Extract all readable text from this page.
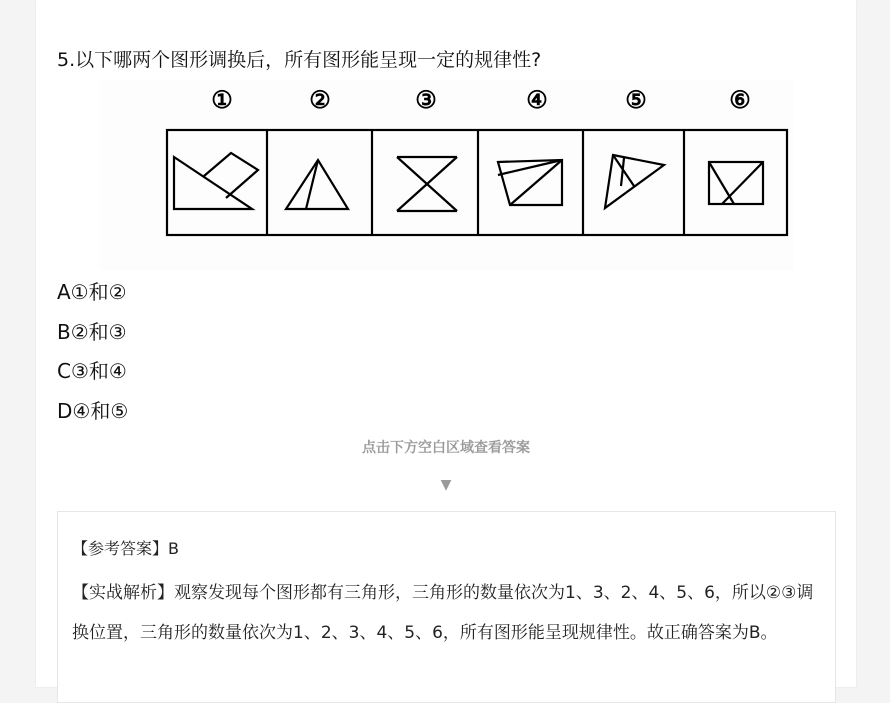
5.以下哪两个图形调换后，所有图形能呈现一定的规律性?
①	②	③	④	⑤	⑥
A①和②
B②和③
C③和④
D④和⑤
点击下方空白区域查看答案
▼
【参考答案】B
【实战解析】观察发现每个图形都有三角形，三角形的数量依次为1、3、2、4、5、6，所以②③调换位置，三角形的数量依次为1、2、3、4、5、6，所有图形能呈现规律性。故正确答案为B。
